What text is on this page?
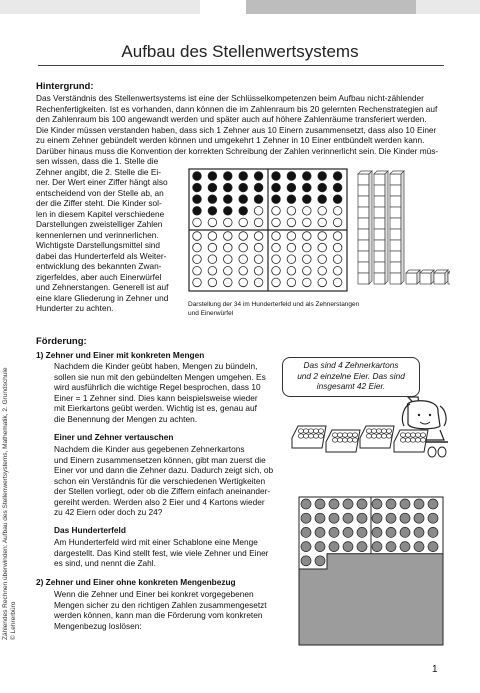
Zählendes Rechnen überwinden: Aufbau des Stellenwertsystems, Mathematik, 2. Grundschule © Lehrerbüro
Aufbau des Stellenwertsystems
Hintergrund:
Das Verständnis des Stellenwertsystems ist eine der Schlüsselkompetenzen beim Aufbau nicht-zählender
Rechenfertigkeiten. Ist es vorhanden, dann können die im Zahlenraum bis 20 gelernten Rechenstrategien auf
den Zahlenraum bis 100 angewandt werden und später auch auf höhere Zahlenräume transferiert werden.
Die Kinder müssen verstanden haben, dass sich 1 Zehner aus 10 Einern zusammensetzt, dass also 10 Einer
zu einem Zehner gebündelt werden können und umgekehrt 1 Zehner in 10 Einer entbündelt werden kann.
Darüber hinaus muss die Konvention der korrekten Schreibung der Zahlen verinnerlicht sein. Die Kinder müs-
sen wissen, dass die 1. Stelle die
Zehner angibt, die 2. Stelle die Ei-
ner. Der Wert einer Ziffer hängt also
entscheidend von der Stelle ab, an
der die Ziffer steht. Die Kinder sol-
len in diesem Kapitel verschiedene
Darstellungen zweistelliger Zahlen
kennenlernen und verinnerlichen.
Wichtigste Darstellungsmittel sind
dabei das Hunderterfeld als Weiter-
entwicklung des bekannten Zwan-
zigerfeldes, aber auch Einerwürfel
und Zehnerstangen. Generell ist auf
eine klare Gliederung in Zehner und
Hunderter zu achten.	Darstellung der 34 im Hunderterfeld und als Zehnerstangen
und Einerwürfel
Förderung:
1) Zehner und Einer mit konkreten Mengen
Nachdem die Kinder geübt haben, Mengen zu bündeln,
sollen sie nun mit den gebündelten Mengen umgehen. Es
wird ausführlich die wichtige Regel besprochen, dass 10
Einer = 1 Zehner sind. Dies kann beispielsweise wieder
mit Eierkartons geübt werden. Wichtig ist es, genau auf
die Benennung der Mengen zu achten.
Einer und Zehner vertauschen
Nachdem die Kinder aus gegebenen Zehnerkartons
und Einern zusammensetzen können, gibt man zuerst die
Einer vor und dann die Zehner dazu. Dadurch zeigt sich, ob
schon ein Verständnis für die verschiedenen Wertigkeiten
der Stellen vorliegt, oder ob die Ziffern einfach aneinander-
gereiht werden. Werden also 2 Eier und 4 Kartons wieder
zu 42 Eiern oder doch zu 24?
Das Hunderterfeld
Am Hunderterfeld wird mit einer Schablone eine Menge
dargestellt. Das Kind stellt fest, wie viele Zehner und Einer
es sind, und nennt die Zahl.
2) Zehner und Einer ohne konkreten Mengenbezug
Wenn die Zehner und Einer bei konkret vorgegebenen
Mengen sicher zu den richtigen Zahlen zusammengesetzt
werden können, kann man die Förderung vom konkreten
Mengenbezug loslösen:
Das sind 4 Zehnerkartons
und 2 einzelne Eier. Das sind
insgesamt 42 Eier.
1
